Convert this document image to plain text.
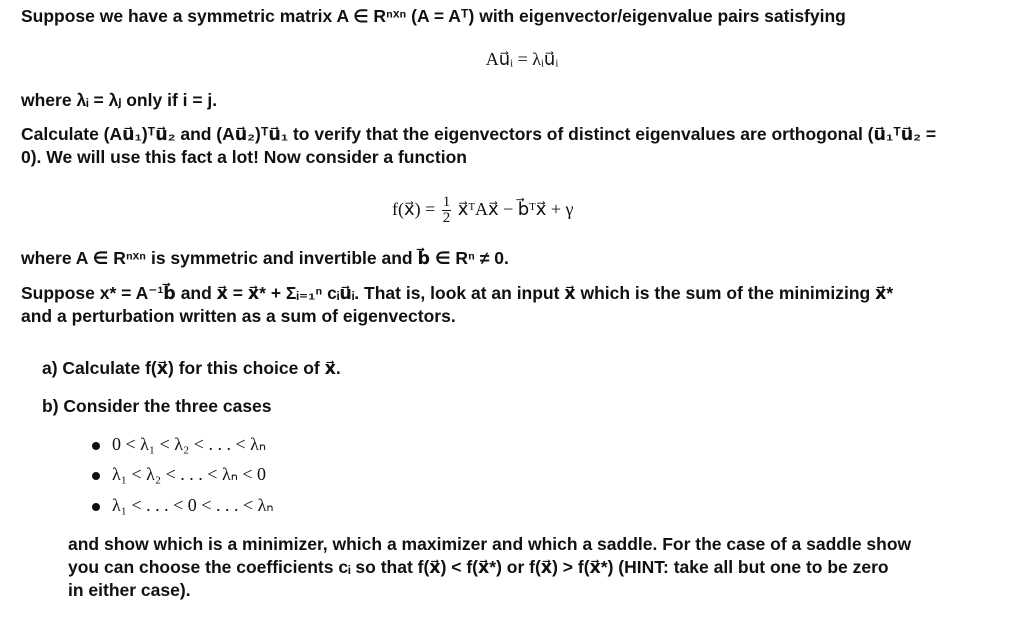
Suppose we have a symmetric matrix A ∈ Rⁿˣⁿ (A = Aᵀ) with eigenvector/eigenvalue pairs satisfying
Au⃗ᵢ = λᵢu⃗ᵢ
where λᵢ = λⱼ only if i = j.
Calculate (Au⃗₁)ᵀu⃗₂ and (Au⃗₂)ᵀu⃗₁ to verify that the eigenvectors of distinct eigenvalues are orthogonal (u⃗₁ᵀu⃗₂ =
0). We will use this fact a lot! Now consider a function
f(x⃗) = $\frac{1}{2}$ x⃗ᵀAx⃗ − b⃗ᵀx⃗ + γ
where A ∈ Rⁿˣⁿ is symmetric and invertible and b⃗ ∈ Rⁿ ≠ 0.
Suppose x* = A⁻¹b⃗ and x⃗ = x⃗* + Σᵢ₌₁ⁿ cᵢu⃗ᵢ. That is, look at an input x⃗ which is the sum of the minimizing x⃗*
and a perturbation written as a sum of eigenvectors.
a) Calculate f(x⃗) for this choice of x⃗.
b) Consider the three cases
0 < λ₁ < λ₂ < . . . < λₙ
λ₁ < λ₂ < . . . < λₙ < 0
λ₁ < . . . < 0 < . . . < λₙ
and show which is a minimizer, which a maximizer and which a saddle. For the case of a saddle show
you can choose the coefficients cᵢ so that f(x⃗) < f(x⃗*) or f(x⃗) > f(x⃗*) (HINT: take all but one to be zero
in either case).
